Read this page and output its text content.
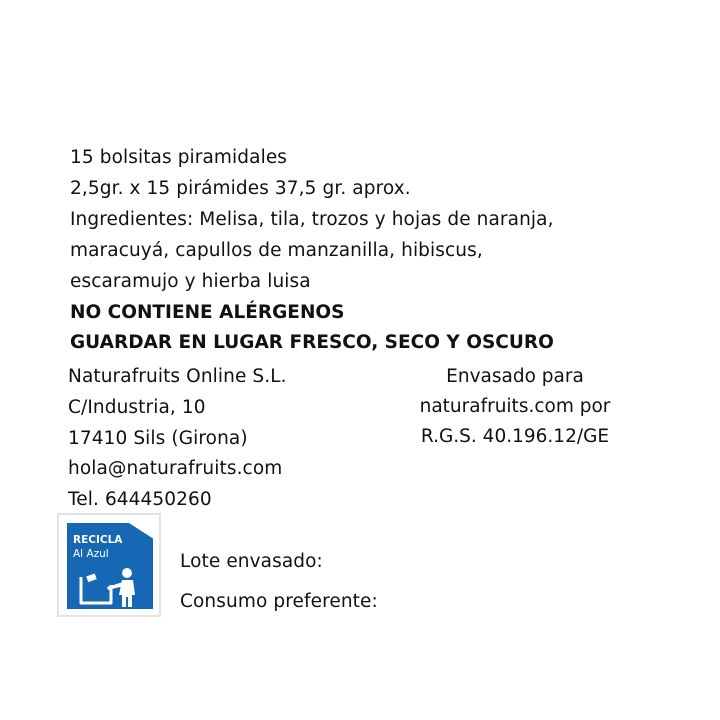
15 bolsitas piramidales
2,5gr. x 15 pirámides 37,5 gr. aprox.
Ingredientes: Melisa, tila, trozos y hojas de naranja,
maracuyá, capullos de manzanilla, hibiscus,
escaramujo y hierba luisa
NO CONTIENE ALÉRGENOS
GUARDAR EN LUGAR FRESCO, SECO Y OSCURO
Naturafruits Online S.L.
C/Industria, 10
17410 Sils (Girona)
hola@naturafruits.com
Tel. 644450260
Envasado para
naturafruits.com por
R.G.S. 40.196.12/GE
RECICLA
Al Azul	Lote envasado:
Consumo preferente:
